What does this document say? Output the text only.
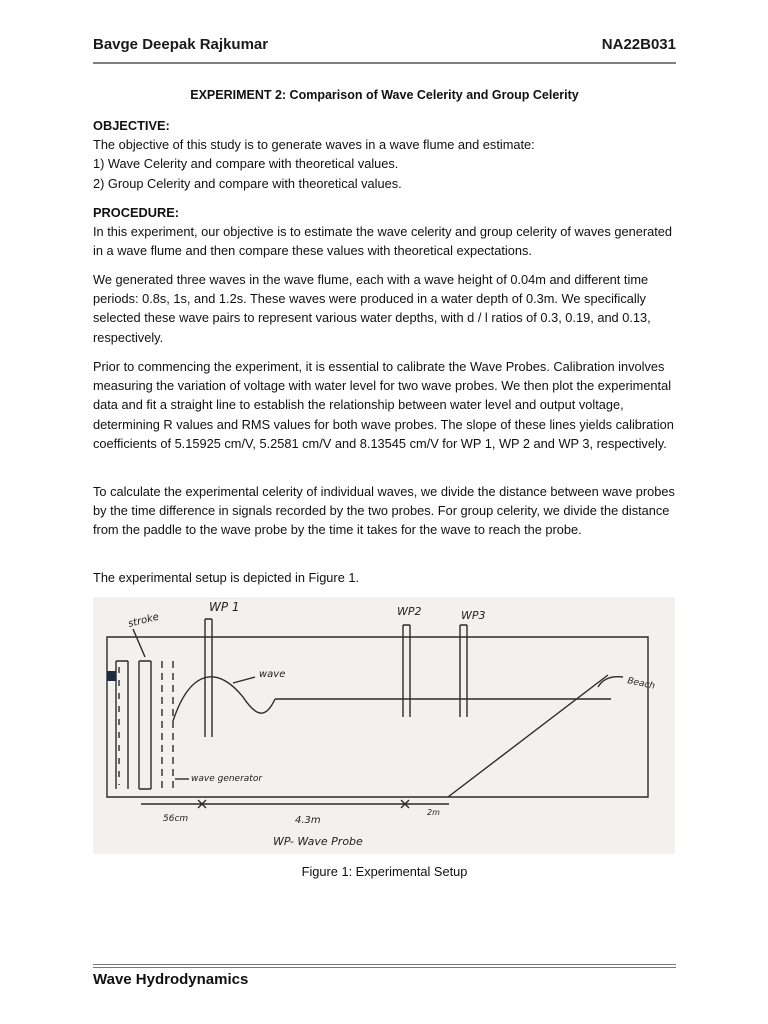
Bavge Deepak Rajkumar	NA22B031
EXPERIMENT 2: Comparison of Wave Celerity and Group Celerity

OBJECTIVE:

The objective of this study is to generate waves in a wave flume and estimate:

1) Wave Celerity and compare with theoretical values.

2) Group Celerity and compare with theoretical values.

PROCEDURE:

In this experiment, our objective is to estimate the wave celerity and group celerity of waves generated in a wave flume and then compare these values with theoretical expectations.

We generated three waves in the wave flume, each with a wave height of 0.04m and different time periods: 0.8s, 1s, and 1.2s. These waves were produced in a water depth of 0.3m. We specifically selected these wave pairs to represent various water depths, with d / l ratios of 0.3, 0.19, and 0.13, respectively.
Prior to commencing the experiment, it is essential to calibrate the Wave Probes. Calibration involves measuring the variation of voltage with water level for two wave probes. We then plot the experimental data and fit a straight line to establish the relationship between water level and output voltage, determining R values and RMS values for both wave probes. The slope of these lines yields calibration coefficients of 5.15925 cm/V, 5.2581 cm/V and 8.13545 cm/V for WP 1, WP 2 and WP 3, respectively.
To calculate the experimental celerity of individual waves, we divide the distance between wave probes by the time difference in signals recorded by the two probes. For group celerity, we divide the distance from the paddle to the wave probe by the time it takes for the wave to reach the probe.
The experimental setup is depicted in Figure 1.
WP 1	WP2	WP3
stroke
wave
Beach
wave generator
56cm	4.3m
2m
WP- Wave Probe
Figure 1: Experimental Setup
Wave Hydrodynamics
